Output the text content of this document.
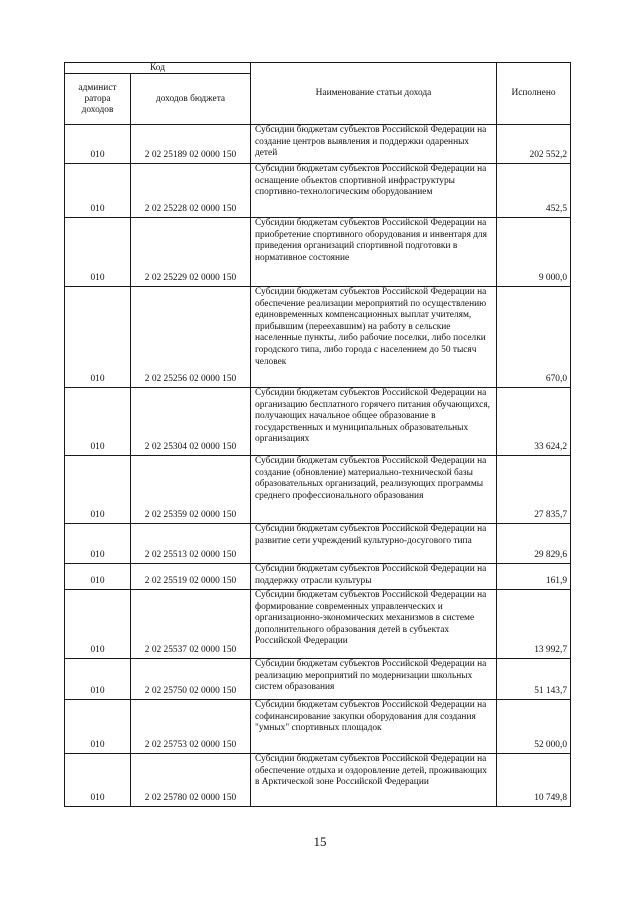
Код		Наименование статьи дохода	Исполнено
админист
ратора
доходов	доходов бюджета		
010	2 02 25189 02 0000 150	Субсидии бюджетам субъектов Российской Федерации на создание центров выявления и поддержки одаренных детей	202 552,2
010	2 02 25228 02 0000 150	Субсидии бюджетам субъектов Российской Федерации на оснащение объектов спортивной инфраструктуры спортивно-технологическим оборудованием	452,5
010	2 02 25229 02 0000 150	Субсидии бюджетам субъектов Российской Федерации на приобретение спортивного оборудования и инвентаря для приведения организаций спортивной подготовки в нормативное состояние	9 000,0
010	2 02 25256 02 0000 150	Субсидии бюджетам субъектов Российской Федерации на обеспечение реализации мероприятий по осуществлению единовременных компенсационных выплат учителям, прибывшим (переехавшим) на работу в сельские населенные пункты, либо рабочие поселки, либо поселки городского типа, либо города с населением до 50 тысяч человек	670,0
010	2 02 25304 02 0000 150	Субсидии бюджетам субъектов Российской Федерации на организацию бесплатного горячего питания обучающихся, получающих начальное общее образование в государственных и муниципальных образовательных организациях	33 624,2
010	2 02 25359 02 0000 150	Субсидии бюджетам субъектов Российской Федерации на создание (обновление) материально-технической базы образовательных организаций, реализующих программы среднего профессионального образования	27 835,7
010	2 02 25513 02 0000 150	Субсидии бюджетам субъектов Российской Федерации на развитие сети учреждений культурно-досугового типа	29 829,6
010	2 02 25519 02 0000 150	Субсидии бюджетам субъектов Российской Федерации на поддержку отрасли культуры	161,9
010	2 02 25537 02 0000 150	Субсидии бюджетам субъектов Российской Федерации на формирование современных управленческих и организационно-экономических механизмов в системе дополнительного образования детей в субъектах Российской Федерации	13 992,7
010	2 02 25750 02 0000 150	Субсидии бюджетам субъектов Российской Федерации на реализацию мероприятий по модернизации школьных систем образования	51 143,7
010	2 02 25753 02 0000 150	Субсидии бюджетам субъектов Российской Федерации на софинансирование закупки оборудования для создания "умных" спортивных площадок	52 000,0
010	2 02 25780 02 0000 150	Субсидии бюджетам субъектов Российской Федерации на обеспечение отдыха и оздоровление детей, проживающих в Арктической зоне Российской Федерации	10 749,8
15
